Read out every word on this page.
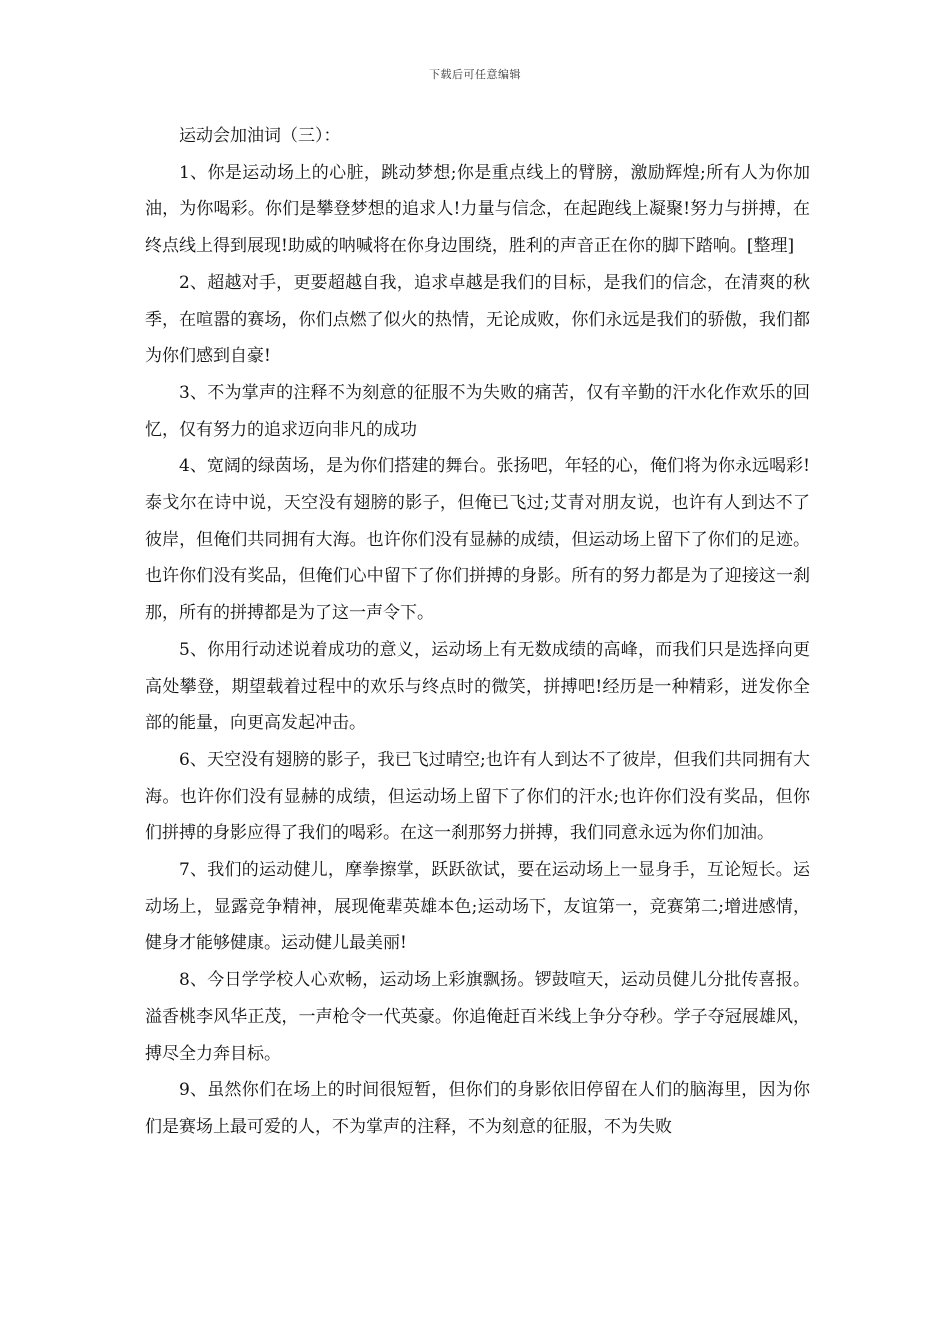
下载后可任意编辑

运动会加油词（三）：

1、你是运动场上的心脏，跳动梦想;你是重点线上的臂膀，激励辉煌;所有人为你加油，为你喝彩。你们是攀登梦想的追求人!力量与信念，在起跑线上凝聚!努力与拼搏，在终点线上得到展现!助威的呐喊将在你身边围绕，胜利的声音正在你的脚下踏响。[整理]

2、超越对手，更要超越自我，追求卓越是我们的目标，是我们的信念，在清爽的秋季，在喧嚣的赛场，你们点燃了似火的热情，无论成败，你们永远是我们的骄傲，我们都为你们感到自豪!

3、不为掌声的注释不为刻意的征服不为失败的痛苦，仅有辛勤的汗水化作欢乐的回忆，仅有努力的追求迈向非凡的成功

4、宽阔的绿茵场，是为你们搭建的舞台。张扬吧，年轻的心，俺们将为你永远喝彩!泰戈尔在诗中说，天空没有翅膀的影子，但俺已飞过;艾青对朋友说，也许有人到达不了彼岸，但俺们共同拥有大海。也许你们没有显赫的成绩，但运动场上留下了你们的足迹。也许你们没有奖品，但俺们心中留下了你们拼搏的身影。所有的努力都是为了迎接这一刹那，所有的拼搏都是为了这一声令下。

5、你用行动述说着成功的意义，运动场上有无数成绩的高峰，而我们只是选择向更高处攀登，期望载着过程中的欢乐与终点时的微笑，拼搏吧!经历是一种精彩，迸发你全部的能量，向更高发起冲击。

6、天空没有翅膀的影子，我已飞过晴空;也许有人到达不了彼岸，但我们共同拥有大海。也许你们没有显赫的成绩，但运动场上留下了你们的汗水;也许你们没有奖品，但你们拼搏的身影应得了我们的喝彩。在这一刹那努力拼搏，我们同意永远为你们加油。

7、我们的运动健儿，摩拳擦掌，跃跃欲试，要在运动场上一显身手，互论短长。运动场上，显露竞争精神，展现俺辈英雄本色;运动场下，友谊第一，竞赛第二;增进感情，健身才能够健康。运动健儿最美丽!

8、今日学学校人心欢畅，运动场上彩旗飘扬。锣鼓喧天，运动员健儿分批传喜报。溢香桃李风华正茂，一声枪令一代英豪。你追俺赶百米线上争分夺秒。学子夺冠展雄风，搏尽全力奔目标。

9、虽然你们在场上的时间很短暂，但你们的身影依旧停留在人们的脑海里，因为你们是赛场上最可爱的人，不为掌声的注释，不为刻意的征服，不为失败
